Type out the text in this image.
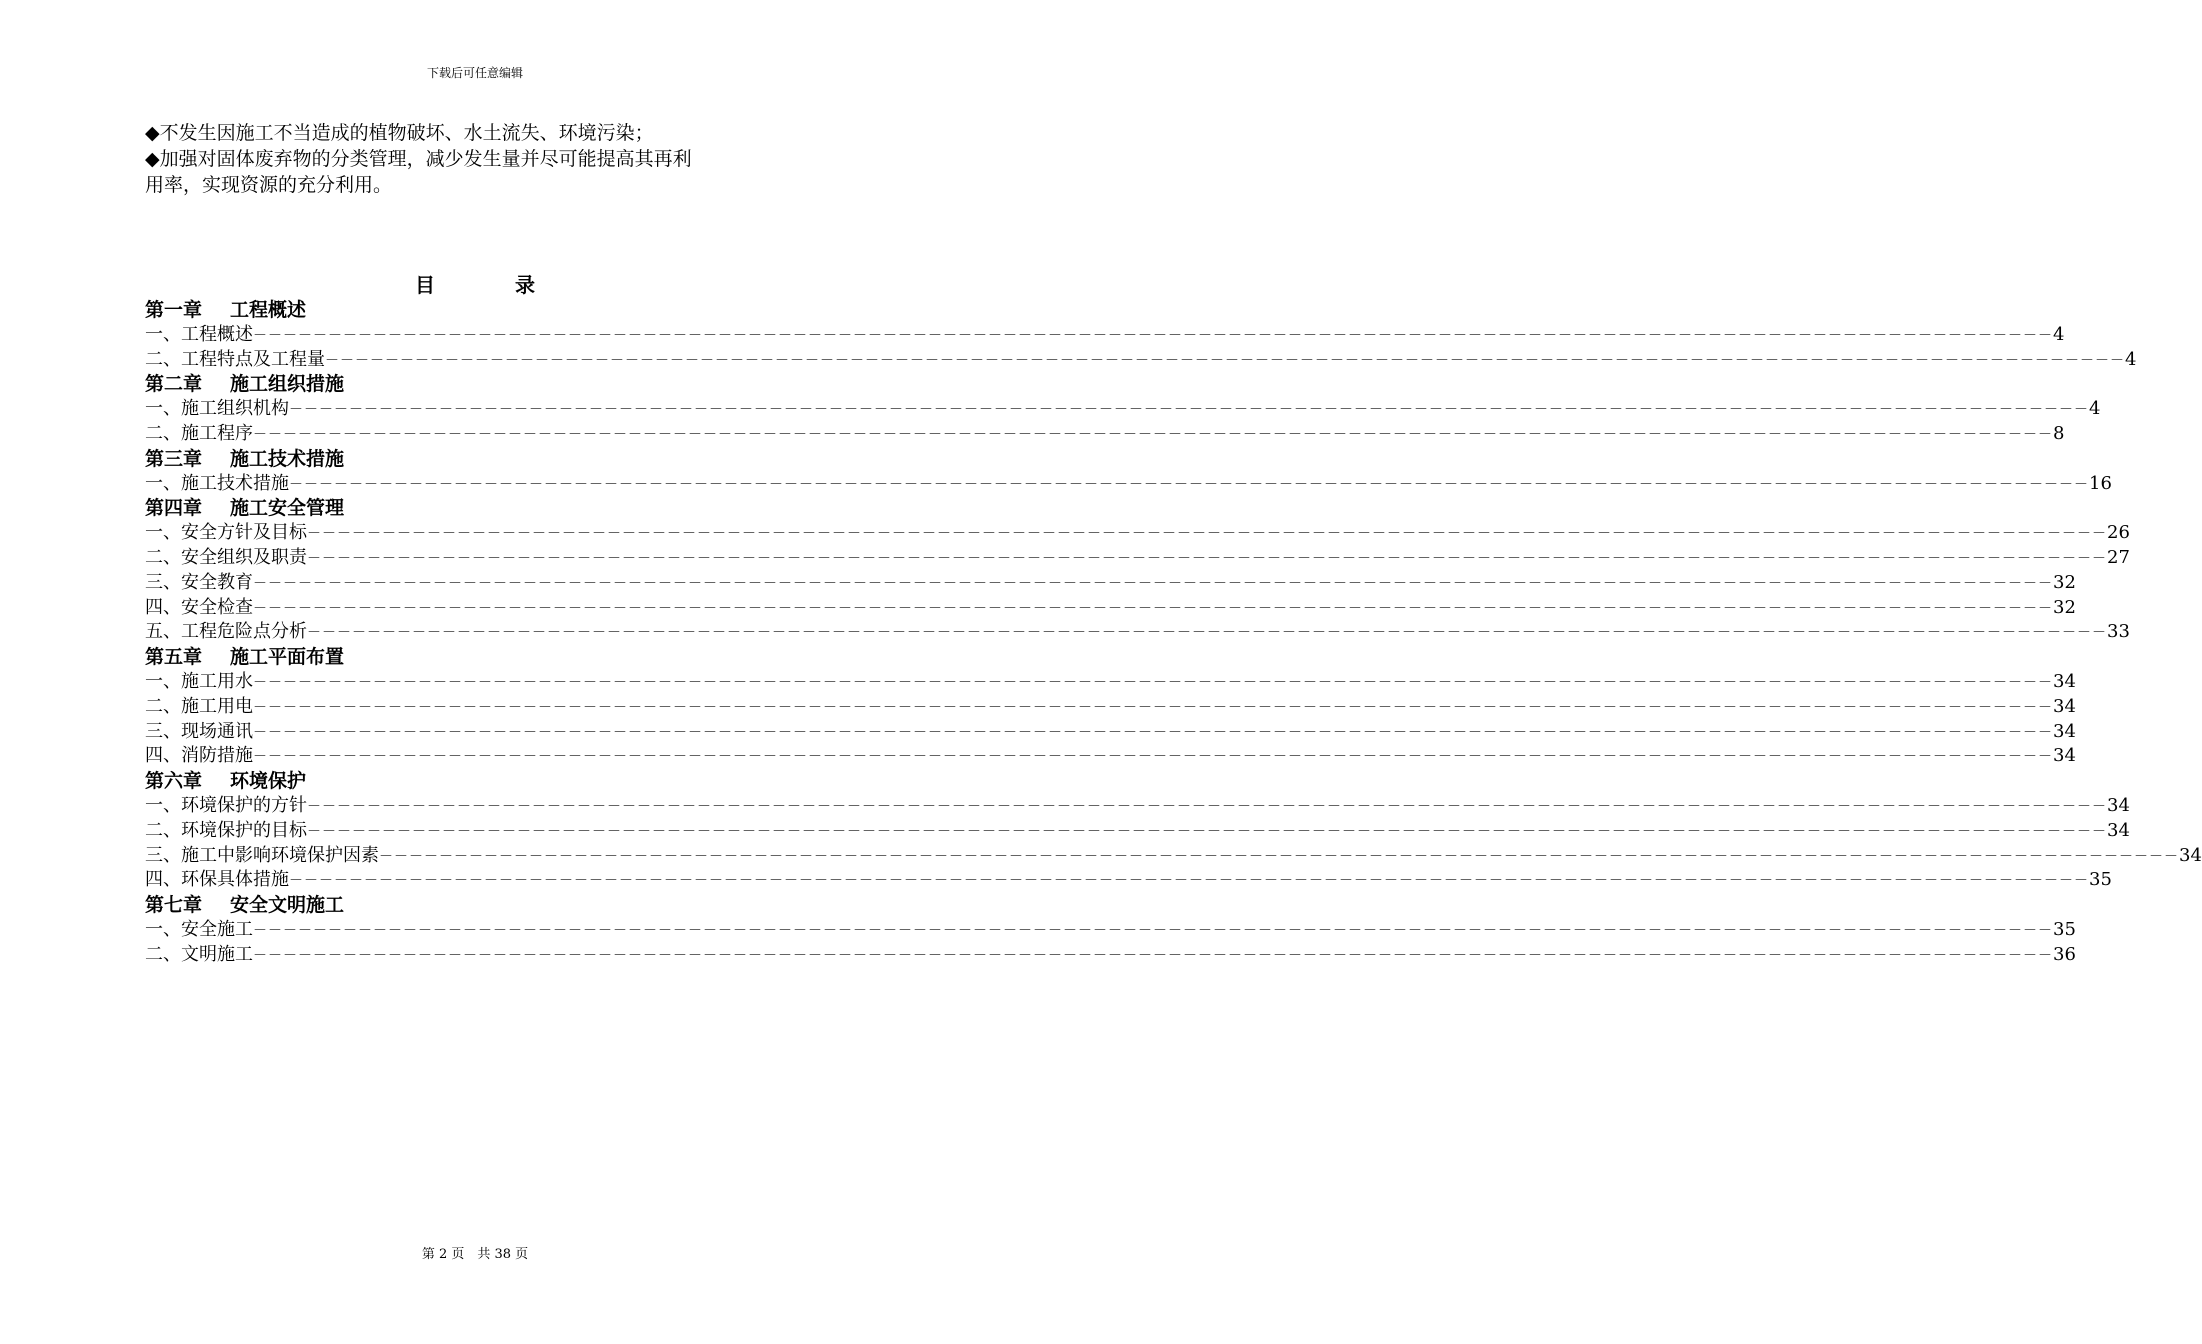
下载后可任意编辑
◆不发生因施工不当造成的植物破坏、水土流失、环境污染；
◆加强对固体废弃物的分类管理，减少发生量并尽可能提高其再利
用率，实现资源的充分利用。
目	录
第一章 工程概述
一、工程概述 －－－－－－－－－－－－－－－－－－－－－－－－－－－－－－－－－－－－－－－－－－－－－－－－－－－－－－－－－－－－－－－－－－－－－－－－－－－－－－－－－－－－－－－－－－－－－－－－－－－－－－－－－－－－－－－－－－－－－－－－ 4
二、工程特点及工程量 －－－－－－－－－－－－－－－－－－－－－－－－－－－－－－－－－－－－－－－－－－－－－－－－－－－－－－－－－－－－－－－－－－－－－－－－－－－－－－－－－－－－－－－－－－－－－－－－－－－－－－－－－－－－－－－－－－－－－－－－ 4
第二章 施工组织措施
一、施工组织机构 －－－－－－－－－－－－－－－－－－－－－－－－－－－－－－－－－－－－－－－－－－－－－－－－－－－－－－－－－－－－－－－－－－－－－－－－－－－－－－－－－－－－－－－－－－－－－－－－－－－－－－－－－－－－－－－－－－－－－－－－ 4
二、施工程序 －－－－－－－－－－－－－－－－－－－－－－－－－－－－－－－－－－－－－－－－－－－－－－－－－－－－－－－－－－－－－－－－－－－－－－－－－－－－－－－－－－－－－－－－－－－－－－－－－－－－－－－－－－－－－－－－－－－－－－－－ 8
第三章 施工技术措施
一、施工技术措施 －－－－－－－－－－－－－－－－－－－－－－－－－－－－－－－－－－－－－－－－－－－－－－－－－－－－－－－－－－－－－－－－－－－－－－－－－－－－－－－－－－－－－－－－－－－－－－－－－－－－－－－－－－－－－－－－－－－－－－－－ 16
第四章 施工安全管理
一、安全方针及目标 －－－－－－－－－－－－－－－－－－－－－－－－－－－－－－－－－－－－－－－－－－－－－－－－－－－－－－－－－－－－－－－－－－－－－－－－－－－－－－－－－－－－－－－－－－－－－－－－－－－－－－－－－－－－－－－－－－－－－－－－ 26
二、安全组织及职责 －－－－－－－－－－－－－－－－－－－－－－－－－－－－－－－－－－－－－－－－－－－－－－－－－－－－－－－－－－－－－－－－－－－－－－－－－－－－－－－－－－－－－－－－－－－－－－－－－－－－－－－－－－－－－－－－－－－－－－－－ 27
三、安全教育 －－－－－－－－－－－－－－－－－－－－－－－－－－－－－－－－－－－－－－－－－－－－－－－－－－－－－－－－－－－－－－－－－－－－－－－－－－－－－－－－－－－－－－－－－－－－－－－－－－－－－－－－－－－－－－－－－－－－－－－－ 32
四、安全检查 －－－－－－－－－－－－－－－－－－－－－－－－－－－－－－－－－－－－－－－－－－－－－－－－－－－－－－－－－－－－－－－－－－－－－－－－－－－－－－－－－－－－－－－－－－－－－－－－－－－－－－－－－－－－－－－－－－－－－－－－ 32
五、工程危险点分析 －－－－－－－－－－－－－－－－－－－－－－－－－－－－－－－－－－－－－－－－－－－－－－－－－－－－－－－－－－－－－－－－－－－－－－－－－－－－－－－－－－－－－－－－－－－－－－－－－－－－－－－－－－－－－－－－－－－－－－－－ 33
第五章 施工平面布置
一、施工用水 －－－－－－－－－－－－－－－－－－－－－－－－－－－－－－－－－－－－－－－－－－－－－－－－－－－－－－－－－－－－－－－－－－－－－－－－－－－－－－－－－－－－－－－－－－－－－－－－－－－－－－－－－－－－－－－－－－－－－－－－ 34
二、施工用电 －－－－－－－－－－－－－－－－－－－－－－－－－－－－－－－－－－－－－－－－－－－－－－－－－－－－－－－－－－－－－－－－－－－－－－－－－－－－－－－－－－－－－－－－－－－－－－－－－－－－－－－－－－－－－－－－－－－－－－－－ 34
三、现场通讯 －－－－－－－－－－－－－－－－－－－－－－－－－－－－－－－－－－－－－－－－－－－－－－－－－－－－－－－－－－－－－－－－－－－－－－－－－－－－－－－－－－－－－－－－－－－－－－－－－－－－－－－－－－－－－－－－－－－－－－－－ 34
四、消防措施 －－－－－－－－－－－－－－－－－－－－－－－－－－－－－－－－－－－－－－－－－－－－－－－－－－－－－－－－－－－－－－－－－－－－－－－－－－－－－－－－－－－－－－－－－－－－－－－－－－－－－－－－－－－－－－－－－－－－－－－－ 34
第六章 环境保护
一、环境保护的方针 －－－－－－－－－－－－－－－－－－－－－－－－－－－－－－－－－－－－－－－－－－－－－－－－－－－－－－－－－－－－－－－－－－－－－－－－－－－－－－－－－－－－－－－－－－－－－－－－－－－－－－－－－－－－－－－－－－－－－－－－ 34
二、环境保护的目标 －－－－－－－－－－－－－－－－－－－－－－－－－－－－－－－－－－－－－－－－－－－－－－－－－－－－－－－－－－－－－－－－－－－－－－－－－－－－－－－－－－－－－－－－－－－－－－－－－－－－－－－－－－－－－－－－－－－－－－－－ 34
三、施工中影响环境保护因素 －－－－－－－－－－－－－－－－－－－－－－－－－－－－－－－－－－－－－－－－－－－－－－－－－－－－－－－－－－－－－－－－－－－－－－－－－－－－－－－－－－－－－－－－－－－－－－－－－－－－－－－－－－－－－－－－－－－－－－－－ 34
四、环保具体措施 －－－－－－－－－－－－－－－－－－－－－－－－－－－－－－－－－－－－－－－－－－－－－－－－－－－－－－－－－－－－－－－－－－－－－－－－－－－－－－－－－－－－－－－－－－－－－－－－－－－－－－－－－－－－－－－－－－－－－－－－ 35
第七章 安全文明施工
一、安全施工 －－－－－－－－－－－－－－－－－－－－－－－－－－－－－－－－－－－－－－－－－－－－－－－－－－－－－－－－－－－－－－－－－－－－－－－－－－－－－－－－－－－－－－－－－－－－－－－－－－－－－－－－－－－－－－－－－－－－－－－－ 35
二、文明施工 －－－－－－－－－－－－－－－－－－－－－－－－－－－－－－－－－－－－－－－－－－－－－－－－－－－－－－－－－－－－－－－－－－－－－－－－－－－－－－－－－－－－－－－－－－－－－－－－－－－－－－－－－－－－－－－－－－－－－－－－ 36
第 2 页　共 38 页
